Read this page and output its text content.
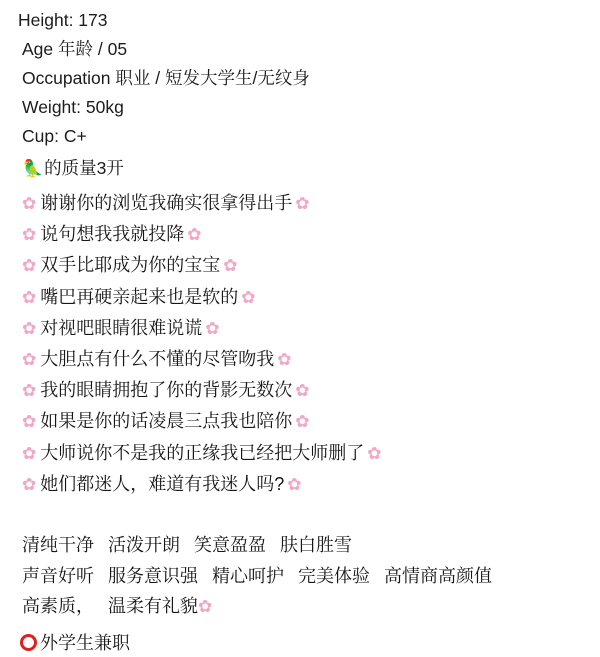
Height: 173
Age 年龄 / 05
Occupation 职业 / 短发大学生/无纹身
Weight: 50kg
Cup: C+
🦜的质量3开
✿ 谢谢你的浏览我确实很拿得出手 ✿
✿ 说句想我我就投降 ✿
✿ 双手比耶成为你的宝宝 ✿
✿ 嘴巴再硬亲起来也是软的 ✿
✿ 对视吧眼睛很难说谎 ✿
✿ 大胆点有什么不懂的尽管吻我 ✿
✿ 我的眼睛拥抱了你的背影无数次 ✿
✿ 如果是你的话凌晨三点我也陪你 ✿
✿ 大师说你不是我的正缘我已经把大师删了 ✿
✿ 她们都迷人，难道有我迷人吗? ✿
清纯干净 活泼开朗 笑意盈盈 肤白胜雪
声音好听 服务意识强 精心呵护 完美体验 高情商高颜值
高素质， 温柔有礼貌✿
外学生兼职
